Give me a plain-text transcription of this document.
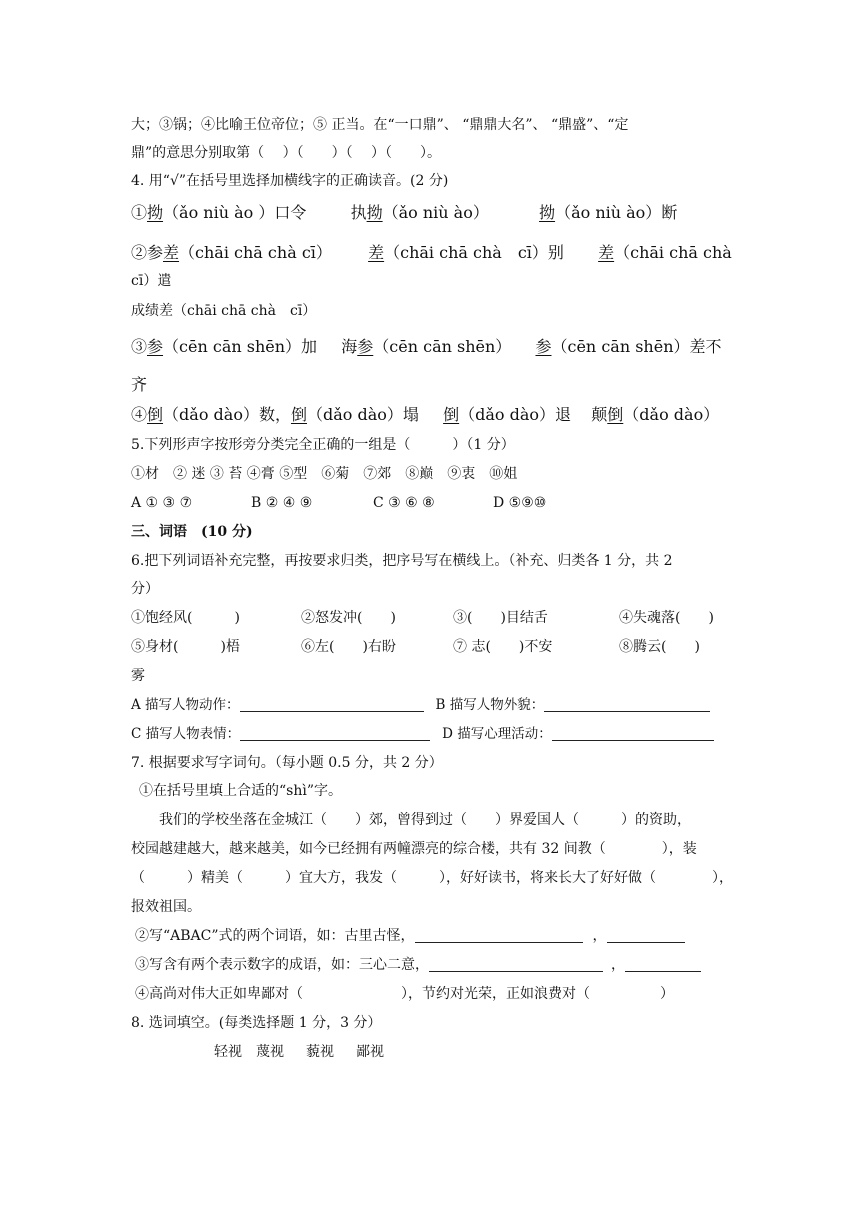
大；③锅；④比喻王位帝位；⑤ 正当。在“一口鼎”、 “鼎鼎大名”、 “鼎盛”、“定
鼎”的意思分别取第（　 ）（　　）（　 ）（　　）。
4. 用“√”在括号里选择加横线字的正确读音。(2 分)
①拗（ǎo niù ào ）口令	执拗（ǎo niù ào）	拗（ǎo niù ào）断
②参差（chāi chā chà cī） 差（chāi chā chà　cī）别 差（chāi chā chà
cī）遣
成绩差（chāi chā chà　cī）
③参（cēn cān shēn）加 海参（cēn cān shēn） 参（cēn cān shēn）差不
齐
④倒（dǎo dào）数，倒（dǎo dào）塌 倒（dǎo dào）退 颠倒（dǎo dào）
5.下列形声字按形旁分类完全正确的一组是（　　　）（1 分）
①材　② 迷 ③ 苔 ④膏 ⑤型　⑥菊　⑦郊　⑧巅　⑨衷　⑩姐
A ① ③ ⑦	B ② ④ ⑨	C ③ ⑥ ⑧	D ⑤⑨⑩
三、词语　(10 分)
6.把下列词语补充完整，再按要求归类，把序号写在横线上。（补充、归类各 1 分，共 2
分）
①饱经风(　　　)	②怒发冲(　　)	③(　　)目结舌	④失魂落(　　)
⑤身材(　　　)梧	⑥左(　　)右盼	⑦ 志(　　)不安	⑧腾云(　　)
雾
A 描写人物动作：	B 描写人物外貌：
C 描写人物表情：	D 描写心理活动：
7. 根据要求写字词句。（每小题 0.5 分，共 2 分）
①在括号里填上合适的“shì”字。
我们的学校坐落在金城江（　　）郊，曾得到过（　　）界爱国人（　　　）的资助，
校园越建越大，越来越美，如今已经拥有两幢漂亮的综合楼，共有 32 间教（　　　　），装
（　　　）精美（　　　）宜大方，我发（　　　），好好读书，将来长大了好好做（ 　　　　），
报效祖国。
②写“ABAC”式的两个词语，如：古里古怪，	，
③写含有两个表示数字的成语，如：三心二意，	，
④高尚对伟大正如卑鄙对（　　　　　　　），节约对光荣，正如浪费对（　　　　　）
8. 选词填空。(每类选择题 1 分，3 分）
轻视 蔑视 藐视 鄙视
